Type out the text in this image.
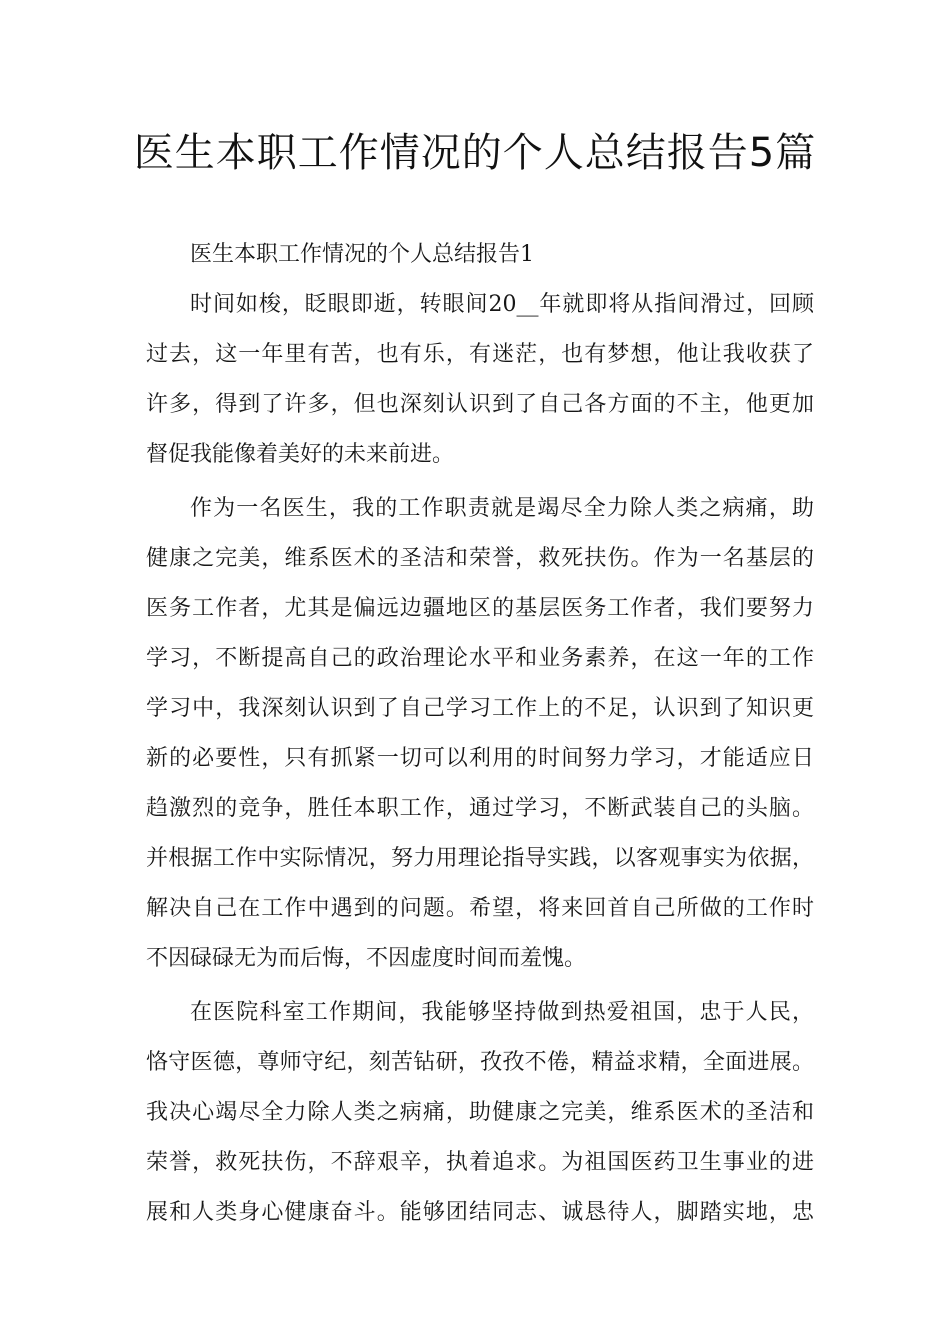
医生本职工作情况的个人总结报告5篇
医生本职工作情况的个人总结报告1
时间如梭，眨眼即逝，转眼间20__年就即将从指间滑过，回顾
过去，这一年里有苦，也有乐，有迷茫，也有梦想，他让我收获了
许多，得到了许多，但也深刻认识到了自己各方面的不主，他更加
督促我能像着美好的未来前进。
作为一名医生，我的工作职责就是竭尽全力除人类之病痛，助
健康之完美，维系医术的圣洁和荣誉，救死扶伤。作为一名基层的
医务工作者，尤其是偏远边疆地区的基层医务工作者，我们要努力
学习，不断提高自己的政治理论水平和业务素养，在这一年的工作
学习中，我深刻认识到了自己学习工作上的不足，认识到了知识更
新的必要性，只有抓紧一切可以利用的时间努力学习，才能适应日
趋激烈的竞争，胜任本职工作，通过学习，不断武装自己的头脑。
并根据工作中实际情况，努力用理论指导实践，以客观事实为依据，
解决自己在工作中遇到的问题。希望，将来回首自己所做的工作时
不因碌碌无为而后悔，不因虚度时间而羞愧。
在医院科室工作期间，我能够坚持做到热爱祖国，忠于人民，
恪守医德，尊师守纪，刻苦钻研，孜孜不倦，精益求精，全面进展。
我决心竭尽全力除人类之病痛，助健康之完美，维系医术的圣洁和
荣誉，救死扶伤，不辞艰辛，执着追求。为祖国医药卫生事业的进
展和人类身心健康奋斗。能够团结同志、诚恳待人，脚踏实地，忠
